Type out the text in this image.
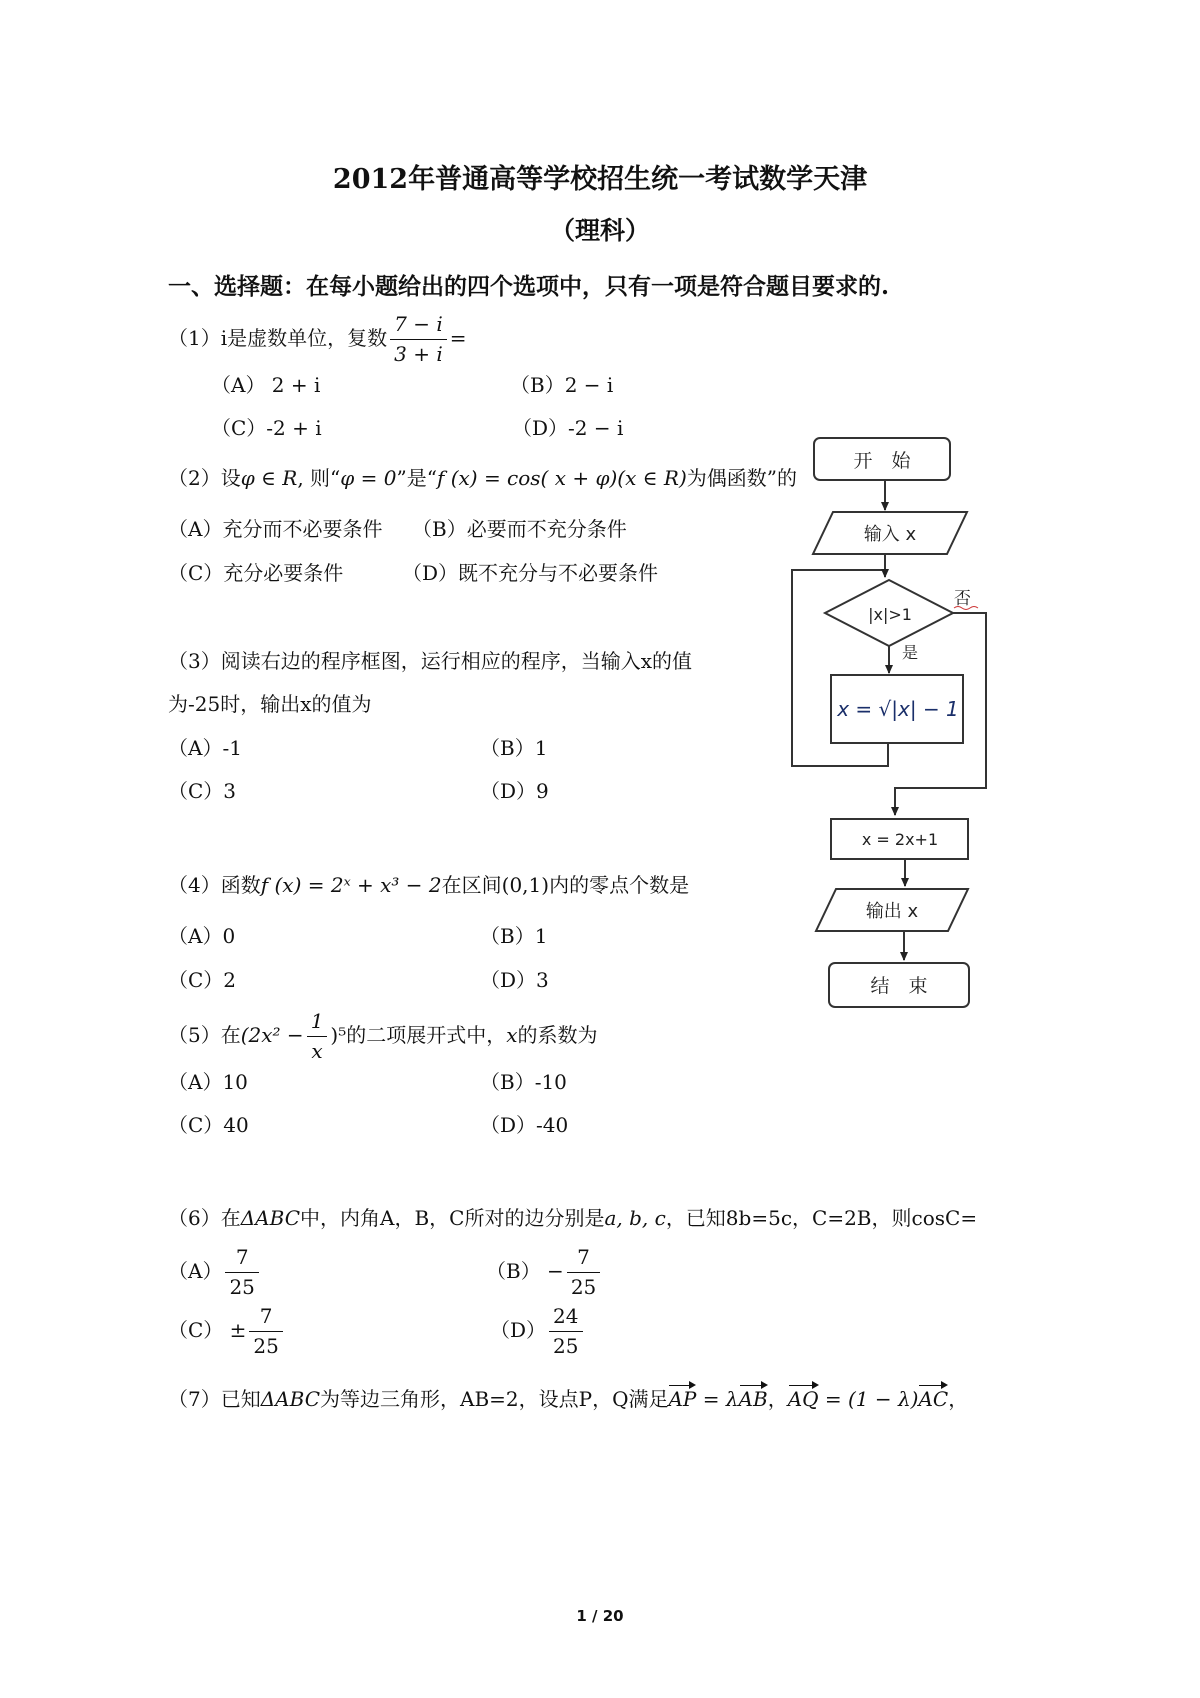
2012年普通高等学校招生统一考试数学天津
（理科）
一、选择题：在每小题给出的四个选项中，只有一项是符合题目要求的.
（1）i是虚数单位，复数 $\frac{7 - i}{3 + i}$ =
（A） 2 + i	（B）2 − i
（C）-2 + i	（D）-2 − i
（2）设φ ∈ R, 则“φ = 0”是“f (x) = cos( x + φ)(x ∈ R)为偶函数”的
（A）充分而不必要条件 （B）必要而不充分条件
（C）充分必要条件	（D）既不充分与不必要条件
（3）阅读右边的程序框图，运行相应的程序，当输入x的值
为-25时，输出x的值为
（A）-1	（B）1
（C）3	（D）9
（4）函数f (x) = 2ˣ + x³ − 2在区间(0,1)内的零点个数是
（A）0	（B）1
（C）2	（D）3
（5）在$(2x^2 - \frac{1}{x} )^5$的二项展开式中，x的系数为
（A）10	（B）-10
（C）40	（D）-40
（6）在ΔABC中，内角A，B，C所对的边分别是a, b, c，已知8b=5c，C=2B，则cosC=
$(A) \frac{7}{25}$	$(B) - \frac{7}{25}$
$(C) \pm \frac{7}{25}$	$(D) \frac{24}{25}$
（7）已知ΔABC为等边三角形，AB=2，设点P，Q满足AP = λAB，AQ = (1 − λ)AC，
开　始
输入 x
|x|>1
否
是
x = √|x| − 1
x = 2x+1
输出 x
结　束
1 / 20
